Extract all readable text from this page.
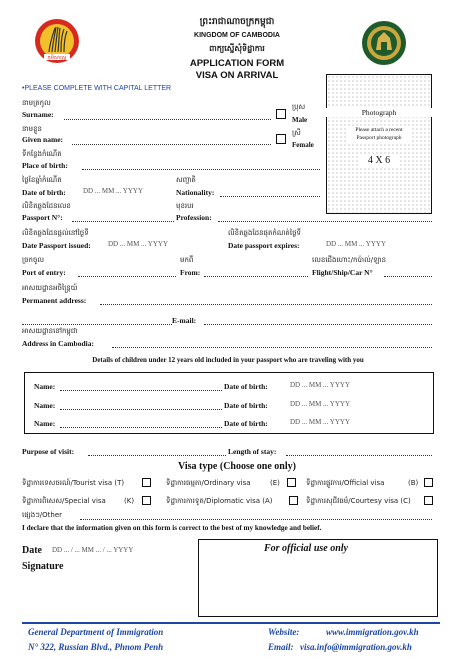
ភូមិសាស្ត្រ
ព្រះរាជាណាចក្រកម្ពុជា
KINGDOM OF CAMBODIA
ពាក្យស្នើសុំទិដ្ឋាការ
APPLICATION FORM
VISA ON ARRIVAL
•PLEASE COMPLETE WITH CAPITAL LETTER
Photograph
Please attach a recent Passport photograph
4 X 6
នាមត្រកូល
Surname:
នាមខ្លួន
Given name:
ប្រុស
Male
ស្រី
Female
ទីកន្លែងកំណើត
Place of birth:
ថ្ងៃខែឆ្នាំកំណើត
Date of birth: DD ... MM ... YYYY
សញ្ជាតិ
Nationality:
លិខិតឆ្លងដែនលេខ
Passport N°:
មុខរបរ
Profession:
លិខិតឆ្លងដែនផ្តល់នៅថ្ងៃទី
Date Passport issued: DD ... MM ... YYYY
លិខិតឆ្លងដែនផុតកំណត់ថ្ងៃទី
Date passport expires:	DD ... MM ... YYYY
ច្រកចូល
Port of entry:
មកពី
From:
លេខជើងហោះ/កប៉ាល់/ឡាន
Flight/Ship/Car N°
អាសយដ្ឋានអចិន្ត្រៃយ៍
Permanent address:
E-mail:
អាសយដ្ឋាននៅកម្ពុជា
Address in Cambodia:
Details of children under 12 years old included in your passport who are traveling with you
Name:	Date of birth:	DD ... MM ... YYYY
Name:	Date of birth:	DD ... MM ... YYYY
Name:	Date of birth:	DD ... MM ... YYYY
Purpose of visit:	Length of stay:
Visa type (Choose one only)
ទិដ្ឋាការទេសចរណ៍/Tourist visa (T)	ទិដ្ឋាការធម្មតា/Ordinary visa	(E)	ទិដ្ឋាការផ្លូវការ/Official visa	(B)
ទិដ្ឋាការពិសេស/Special visa	(K)	ទិដ្ឋាការការទូត/Diplomatic visa (A)	ទិដ្ឋាការសុជីវធម៌/Courtesy visa (C)
ផ្សេងៗ/Other
I declare that the information given on this form is correct to the best of my knowledge and belief.
Date DD ... / ... MM ... / ... YYYY
Signature
For official use only
General Department of Immigration
N° 322, Russian Blvd., Phnom Penh
Website:	www.immigration.gov.kh
Email: visa.info@immigration.gov.kh
